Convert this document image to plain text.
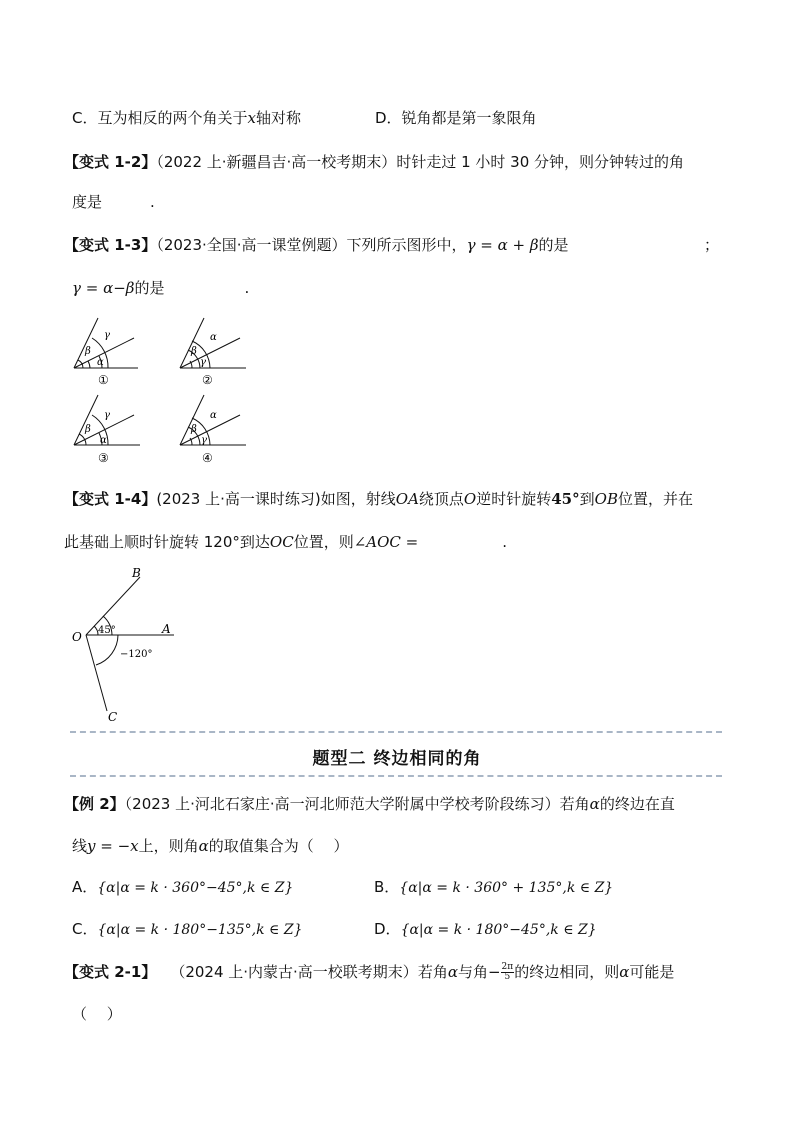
C．互为相反的两个角关于x轴对称	D．锐角都是第一象限角
【变式 1-2】（2022 上·新疆昌吉·高一校考期末）时针走过 1 小时 30 分钟，则分钟转过的角
度是	.
【变式 1-3】（2023·全国·高一课堂例题）下列所示图形中，γ = α + β的是	；
γ = α−β的是	.
γ
β
α
①
α
β
γ
②
γ
β
α
③
α
β
γ
④
【变式 1-4】(2023 上·高一课时练习)如图，射线OA绕顶点O逆时针旋转45°到OB位置，并在
此基础上顺时针旋转 120°到达OC位置，则∠AOC =	.
B
O
A
C
45°
−120°
题型二 终边相同的角
【例 2】（2023 上·河北石家庄·高一河北师范大学附属中学校考阶段练习）若角α的终边在直
线y = −x上，则角α的取值集合为（　 ）
A．{α|α = k · 360°−45°,k ∈ Z}	B．{α|α = k · 360° + 135°,k ∈ Z}
C．{α|α = k · 180°−135°,k ∈ Z}	D．{α|α = k · 180°−45°,k ∈ Z}
【变式 2-1】 （2024 上·内蒙古·高一校联考期末）若角α与角− $\frac{2\pi}{5}$ 的终边相同，则α可能是
（　 ）
